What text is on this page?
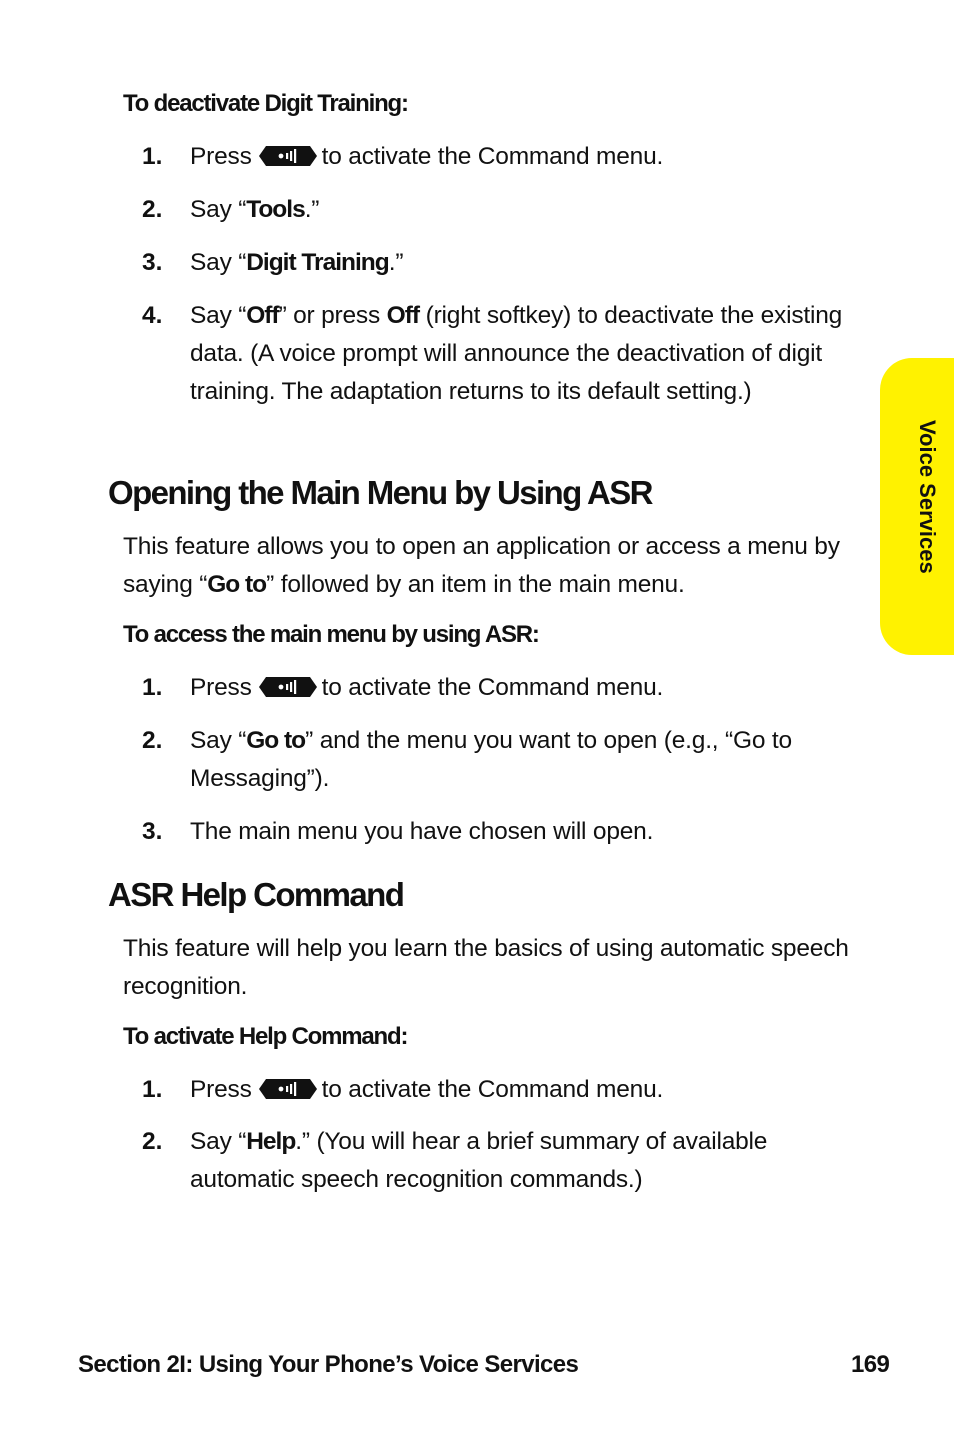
Voice Services
To deactivate Digit Training:
1.	Press	to activate the Command menu.
2.	Say “Tools.”
3.	Say “Digit Training.”
4.	Say “Off” or press Off (right softkey) to deactivate the existing data. (A voice prompt will announce the deactivation of digit training. The adaptation returns to its default setting.)
Opening the Main Menu by Using ASR

This feature allows you to open an application or access a menu by saying “Go to” followed by an item in the main menu.

To access the main menu by using ASR:
1.	Press	to activate the Command menu.
2.	Say “Go to” and the menu you want to open (e.g., “Go to Messaging”).
3.	The main menu you have chosen will open.
ASR Help Command

This feature will help you learn the basics of using automatic speech recognition.

To activate Help Command:
1.	Press	to activate the Command menu.
2.	Say “Help.” (You will hear a brief summary of available automatic speech recognition commands.)
Section 2I: Using Your Phone’s Voice Services	169
